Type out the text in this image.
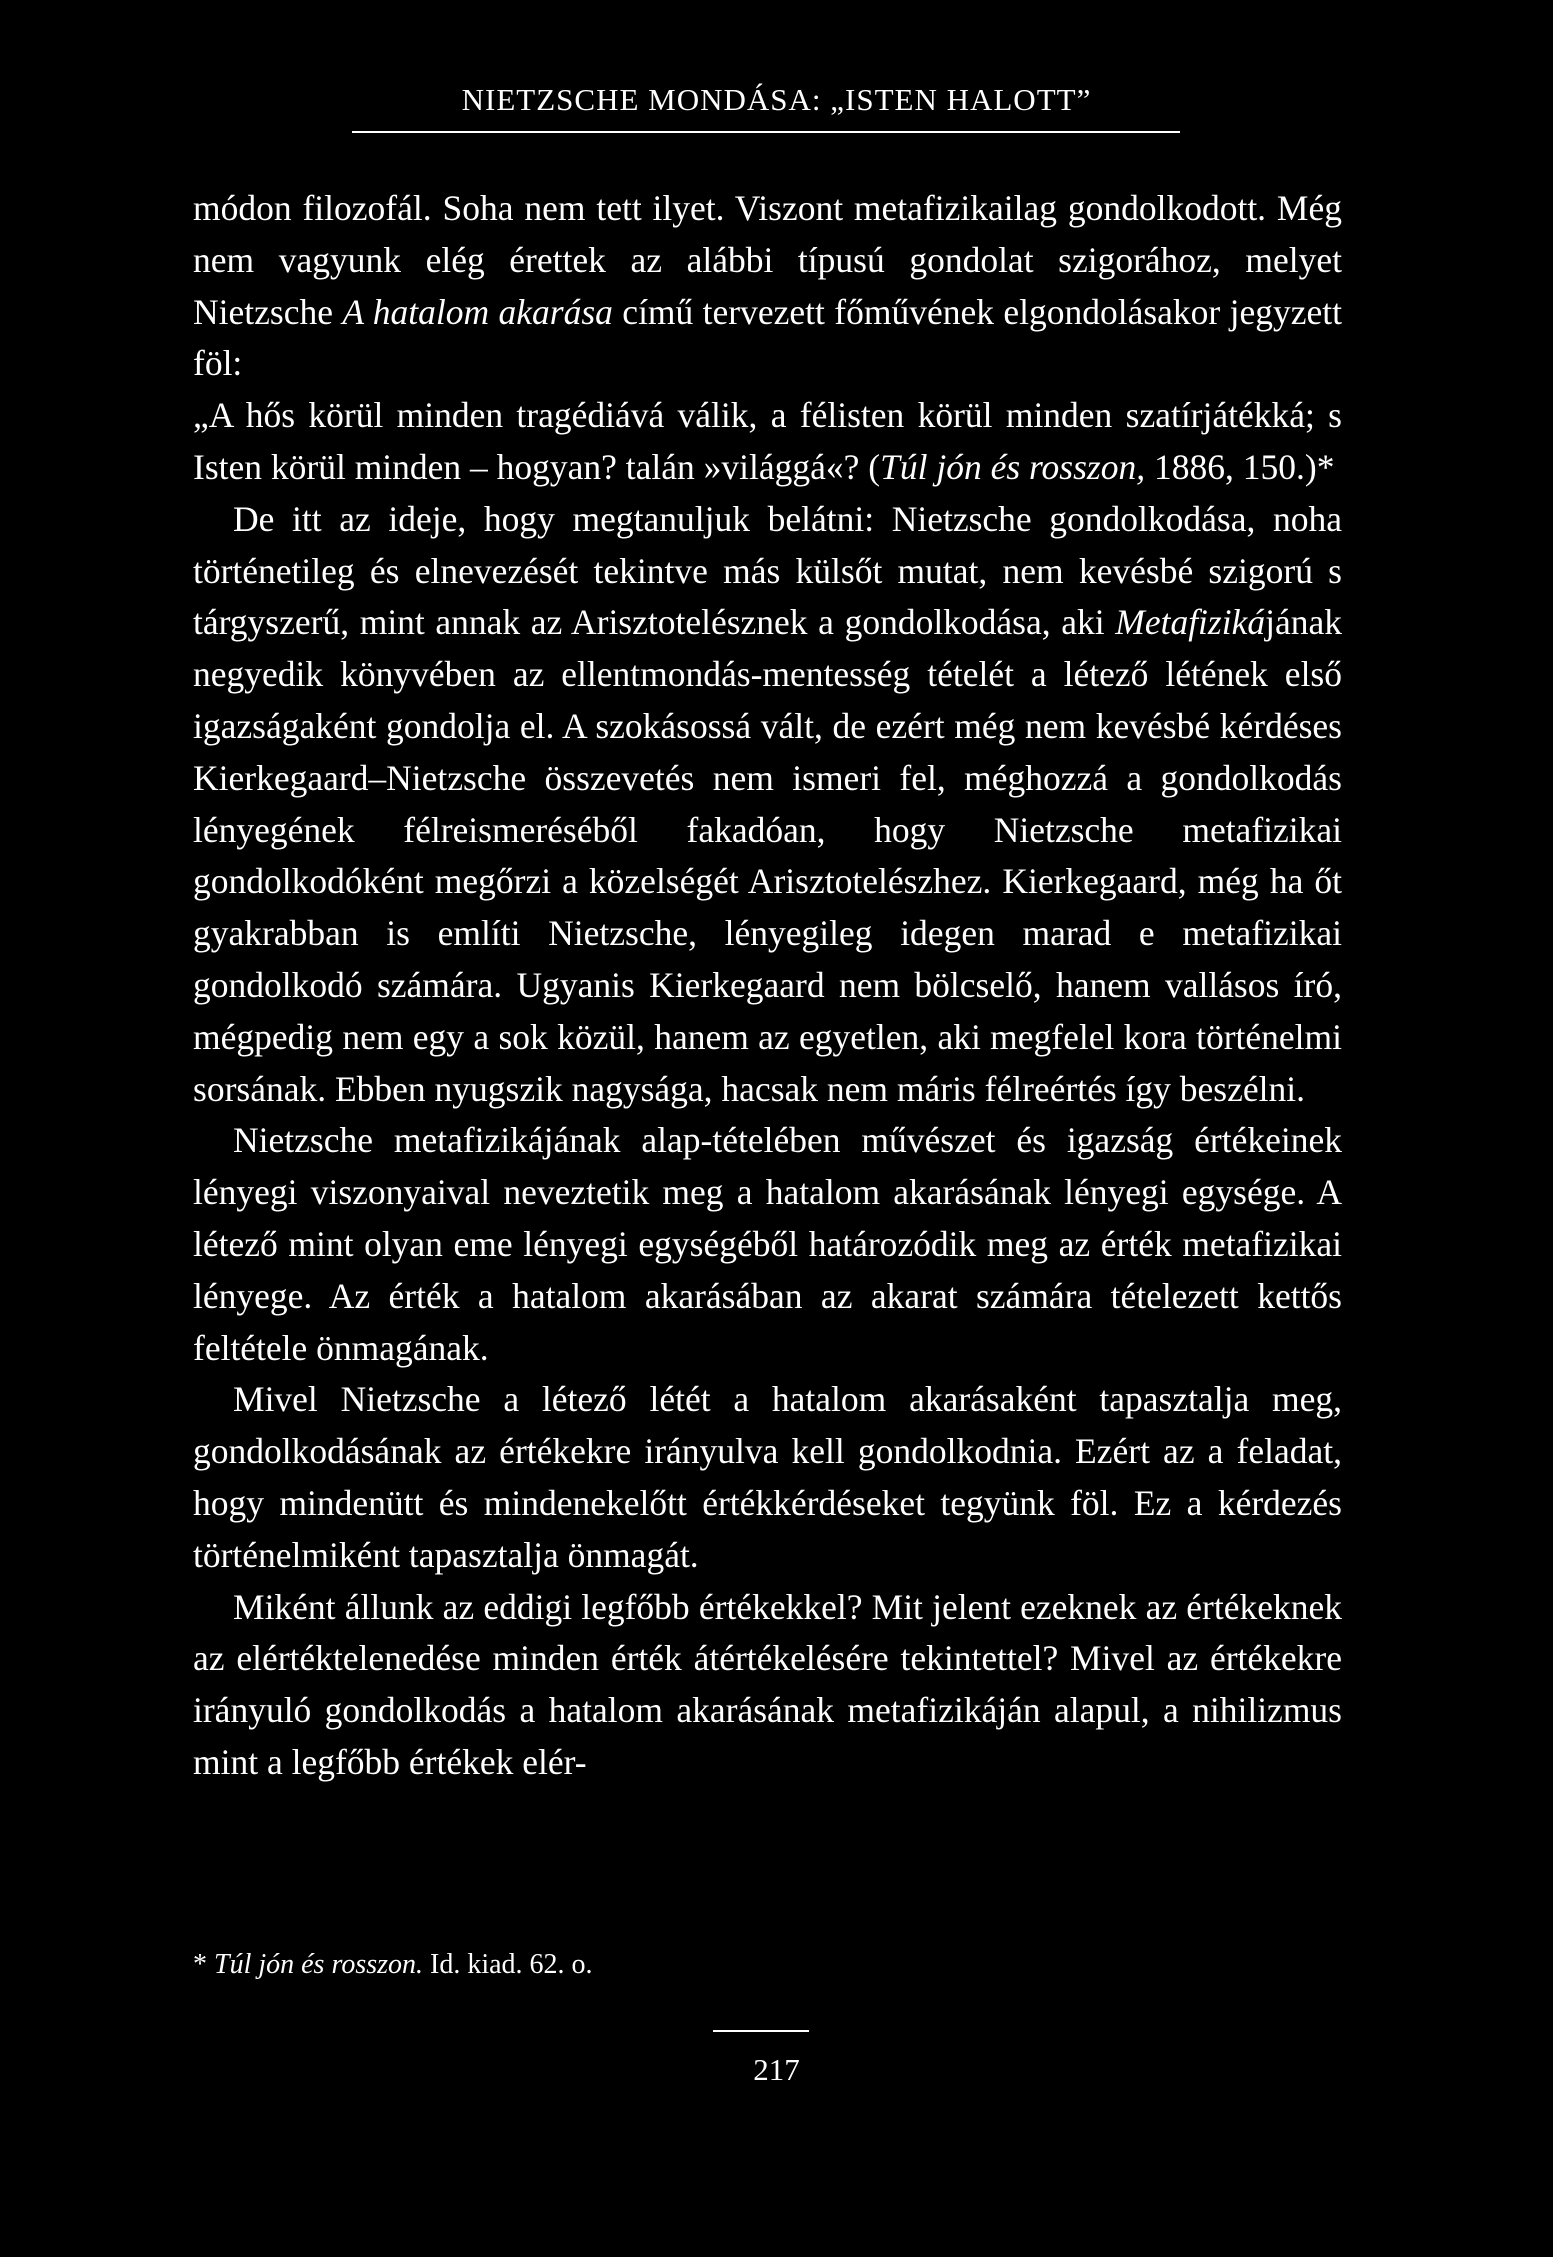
NIETZSCHE MONDÁSA: „ISTEN HALOTT”

módon filozofál. Soha nem tett ilyet. Viszont metafizikailag gondolkodott. Még nem vagyunk elég érettek az alábbi típusú gondolat szigorához, melyet Nietzsche A hatalom akarása című tervezett főművének elgondolásakor jegyzett föl:

„A hős körül minden tragédiává válik, a félisten körül minden szatírjátékká; s Isten körül minden – hogyan? talán »világgá«? (Túl jón és rosszon, 1886, 150.)*

De itt az ideje, hogy megtanuljuk belátni: Nietzsche gondolkodása, noha történetileg és elnevezését tekintve más külsőt mutat, nem kevésbé szigorú s tárgyszerű, mint annak az Arisztotelésznek a gondolkodása, aki Metafizikájának negyedik könyvében az ellentmondás-mentesség tételét a létező létének első igazságaként gondolja el. A szokásossá vált, de ezért még nem kevésbé kérdéses Kierkegaard–Nietzsche összevetés nem ismeri fel, méghozzá a gondolkodás lényegének félreismeréséből fakadóan, hogy Nietzsche metafizikai gondolkodóként megőrzi a közelségét Arisztotelészhez. Kierkegaard, még ha őt gyakrabban is említi Nietzsche, lényegileg idegen marad e metafizikai gondolkodó számára. Ugyanis Kierkegaard nem bölcselő, hanem vallásos író, mégpedig nem egy a sok közül, hanem az egyetlen, aki megfelel kora történelmi sorsának. Ebben nyugszik nagysága, hacsak nem máris félreértés így beszélni.

Nietzsche metafizikájának alap-tételében művészet és igazság értékeinek lényegi viszonyaival neveztetik meg a hatalom akarásának lényegi egysége. A létező mint olyan eme lényegi egységéből határozódik meg az érték metafizikai lényege. Az érték a hatalom akarásában az akarat számára tételezett kettős feltétele önmagának.

Mivel Nietzsche a létező létét a hatalom akarásaként tapasztalja meg, gondolkodásának az értékekre irányulva kell gondolkodnia. Ezért az a feladat, hogy mindenütt és mindenekelőtt értékkérdéseket tegyünk föl. Ez a kérdezés történelmiként tapasztalja önmagát.

Miként állunk az eddigi legfőbb értékekkel? Mit jelent ezeknek az értékeknek az elértéktelenedése minden érték átértékelésére tekintettel? Mivel az értékekre irányuló gondolkodás a hatalom akarásának metafizikáján alapul, a nihilizmus mint a legfőbb értékek elér-

* Túl jón és rosszon. Id. kiad. 62. o.
217
